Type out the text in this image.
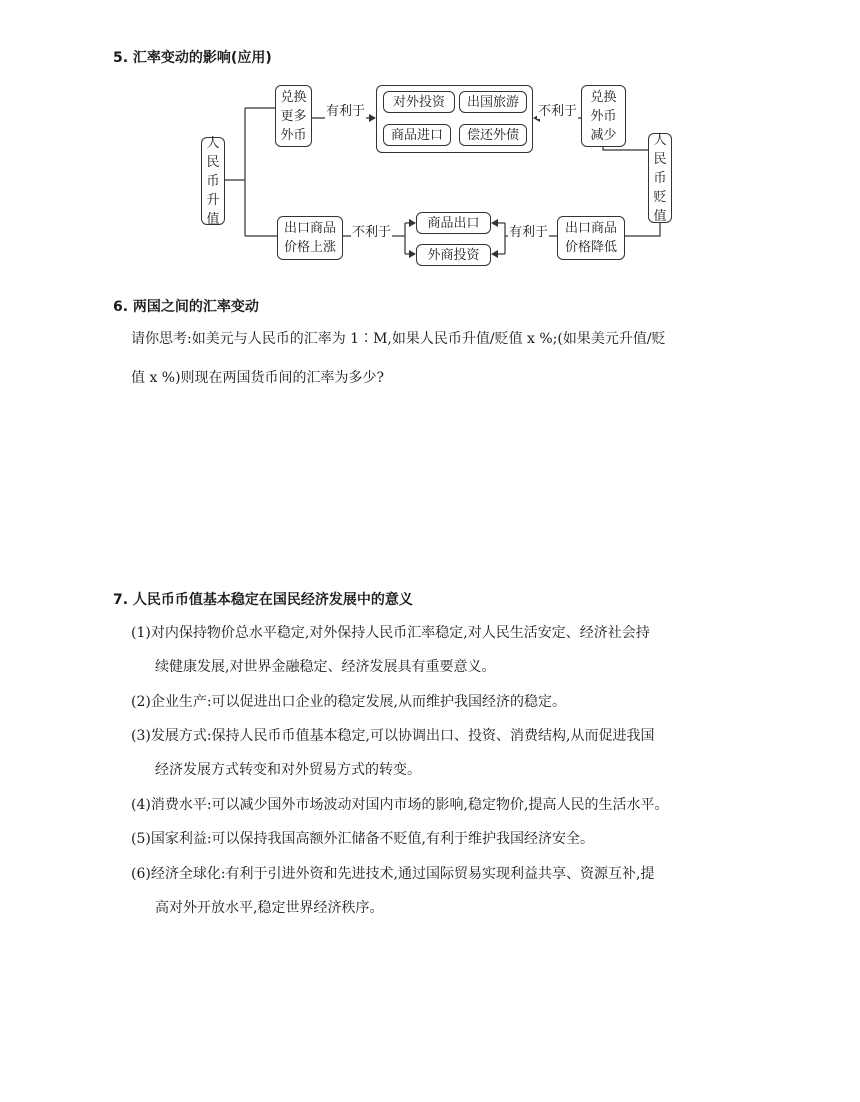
5. 汇率变动的影响(应用)
人
民
币
升
值
兑换
更多
外币
有利于
对外投资	出国旅游
商品进口	偿还外债
不利于
兑换
外币
减少	人
民
币
贬
值
出口商品
价格上涨
不利于
商品出口
外商投资
有利于	出口商品
价格降低
6. 两国之间的汇率变动
请你思考:如美元与人民币的汇率为 1∶M,如果人民币升值/贬值 x %;(如果美元升值/贬
值 x %)则现在两国货币间的汇率为多少?
7. 人民币币值基本稳定在国民经济发展中的意义
(1)对内保持物价总水平稳定,对外保持人民币汇率稳定,对人民生活安定、经济社会持
续健康发展,对世界金融稳定、经济发展具有重要意义。
(2)企业生产:可以促进出口企业的稳定发展,从而维护我国经济的稳定。
(3)发展方式:保持人民币币值基本稳定,可以协调出口、投资、消费结构,从而促进我国
经济发展方式转变和对外贸易方式的转变。
(4)消费水平:可以减少国外市场波动对国内市场的影响,稳定物价,提高人民的生活水平。
(5)国家利益:可以保持我国高额外汇储备不贬值,有利于维护我国经济安全。
(6)经济全球化:有利于引进外资和先进技术,通过国际贸易实现利益共享、资源互补,提
高对外开放水平,稳定世界经济秩序。
